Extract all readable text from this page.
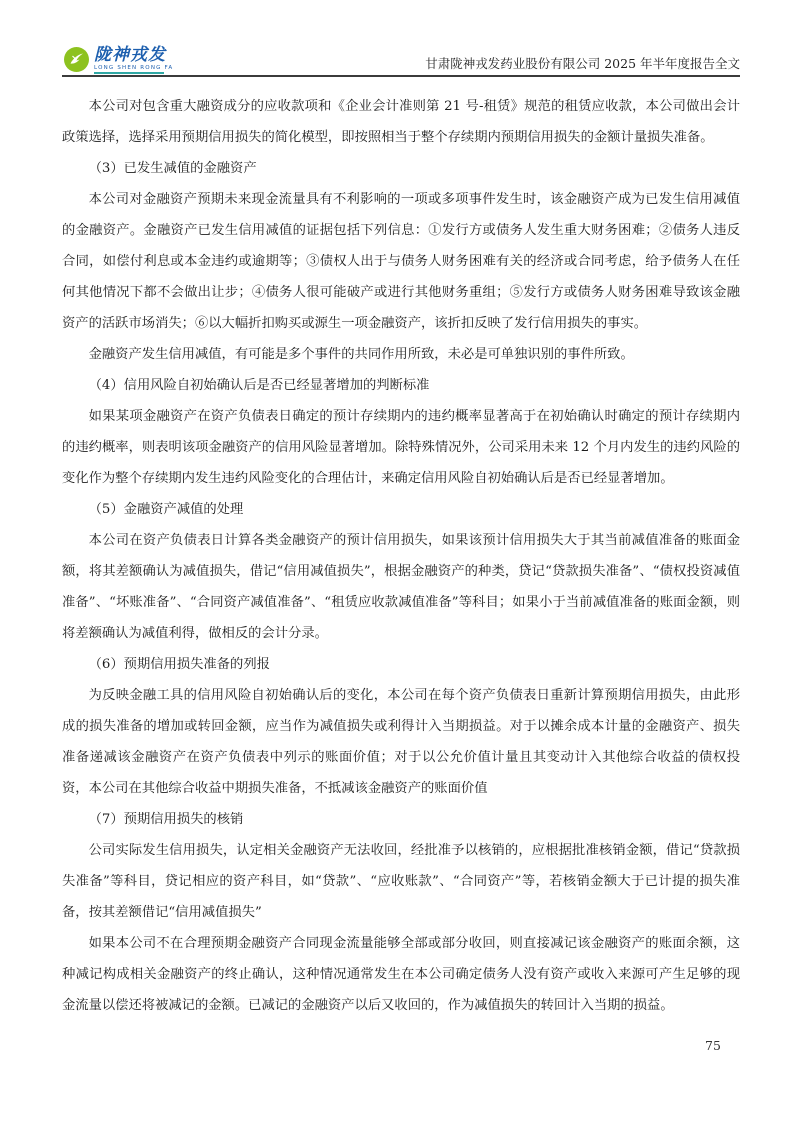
陇神戎发
LONG SHEN RONG FA	甘肃陇神戎发药业股份有限公司 2025 年半年度报告全文

本公司对包含重大融资成分的应收款项和《企业会计准则第 21 号-租赁》规范的租赁应收款，本公司做出会计政策选择，选择采用预期信用损失的简化模型，即按照相当于整个存续期内预期信用损失的金额计量损失准备。

（3）已发生减值的金融资产

本公司对金融资产预期未来现金流量具有不利影响的一项或多项事件发生时，该金融资产成为已发生信用减值的金融资产。金融资产已发生信用减值的证据包括下列信息：①发行方或债务人发生重大财务困难；②债务人违反合同，如偿付利息或本金违约或逾期等；③债权人出于与债务人财务困难有关的经济或合同考虑，给予债务人在任何其他情况下都不会做出让步；④债务人很可能破产或进行其他财务重组；⑤发行方或债务人财务困难导致该金融资产的活跃市场消失；⑥以大幅折扣购买或源生一项金融资产，该折扣反映了发行信用损失的事实。

金融资产发生信用减值，有可能是多个事件的共同作用所致，未必是可单独识别的事件所致。

（4）信用风险自初始确认后是否已经显著增加的判断标准

如果某项金融资产在资产负债表日确定的预计存续期内的违约概率显著高于在初始确认时确定的预计存续期内的违约概率，则表明该项金融资产的信用风险显著增加。除特殊情况外，公司采用未来 12 个月内发生的违约风险的变化作为整个存续期内发生违约风险变化的合理估计，来确定信用风险自初始确认后是否已经显著增加。

（5）金融资产减值的处理

本公司在资产负债表日计算各类金融资产的预计信用损失，如果该预计信用损失大于其当前减值准备的账面金额，将其差额确认为减值损失，借记“信用减值损失”，根据金融资产的种类，贷记“贷款损失准备”、“债权投资减值准备”、“坏账准备”、“合同资产减值准备”、“租赁应收款减值准备”等科目；如果小于当前减值准备的账面金额，则将差额确认为减值利得，做相反的会计分录。

（6）预期信用损失准备的列报

为反映金融工具的信用风险自初始确认后的变化，本公司在每个资产负债表日重新计算预期信用损失，由此形成的损失准备的增加或转回金额，应当作为减值损失或利得计入当期损益。对于以摊余成本计量的金融资产、损失准备递减该金融资产在资产负债表中列示的账面价值；对于以公允价值计量且其变动计入其他综合收益的债权投资，本公司在其他综合收益中期损失准备，不抵减该金融资产的账面价值

（7）预期信用损失的核销

公司实际发生信用损失，认定相关金融资产无法收回，经批准予以核销的，应根据批准核销金额，借记“贷款损失准备”等科目，贷记相应的资产科目，如“贷款”、“应收账款”、“合同资产”等，若核销金额大于已计提的损失准备，按其差额借记“信用减值损失”

如果本公司不在合理预期金融资产合同现金流量能够全部或部分收回，则直接减记该金融资产的账面余额，这种减记构成相关金融资产的终止确认，这种情况通常发生在本公司确定债务人没有资产或收入来源可产生足够的现金流量以偿还将被减记的金额。已减记的金融资产以后又收回的，作为减值损失的转回计入当期的损益。

75
